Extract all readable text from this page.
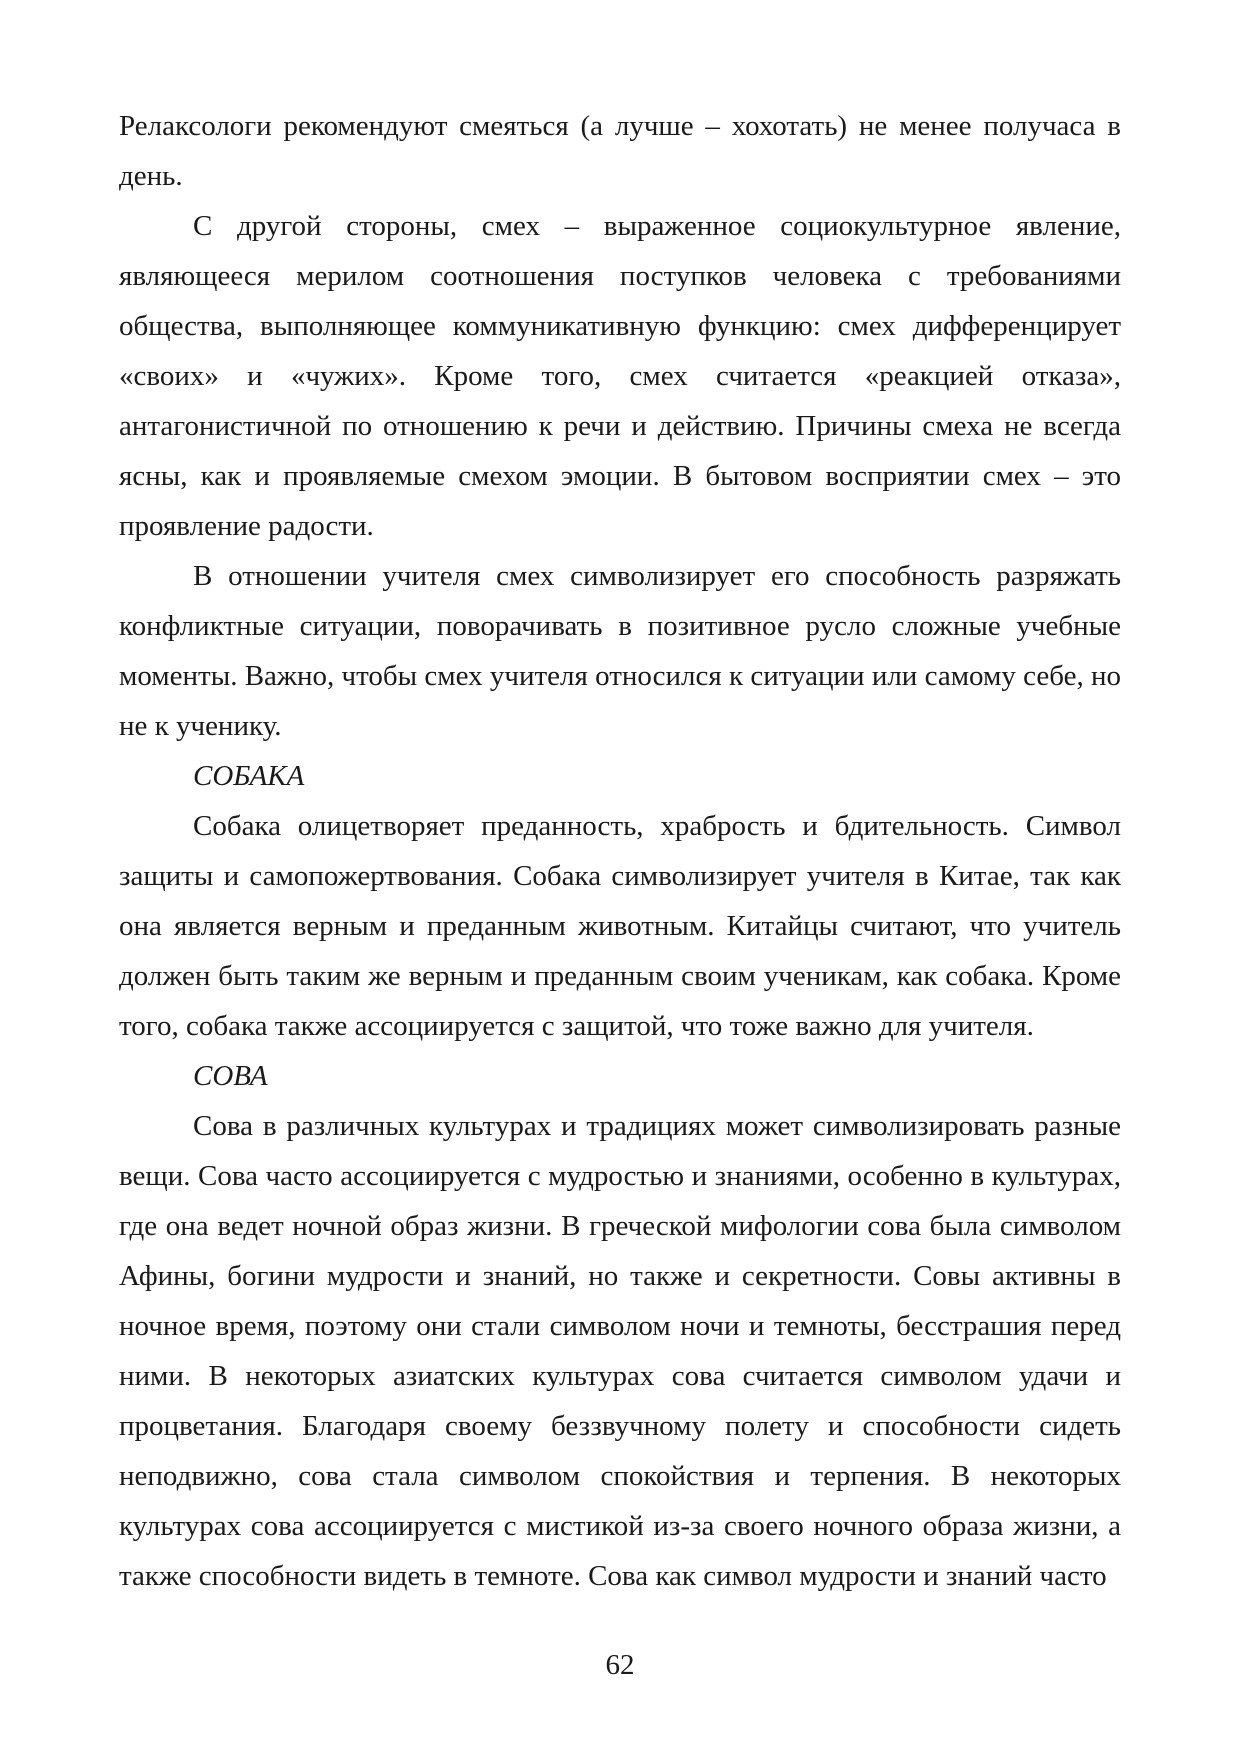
Релаксологи рекомендуют смеяться (а лучше – хохотать) не менее получаса в
день.
С другой стороны, смех – выраженное социокультурное явление,
являющееся мерилом соотношения поступков человека с требованиями
общества, выполняющее коммуникативную функцию: смех дифференцирует
«своих» и «чужих». Кроме того, смех считается «реакцией отказа»,
антагонистичной по отношению к речи и действию. Причины смеха не всегда
ясны, как и проявляемые смехом эмоции. В бытовом восприятии смех – это
проявление радости.
В отношении учителя смех символизирует его способность разряжать
конфликтные ситуации, поворачивать в позитивное русло сложные учебные
моменты. Важно, чтобы смех учителя относился к ситуации или самому себе, но
не к ученику.
СОБАКА
Собака олицетворяет преданность, храбрость и бдительность. Символ
защиты и самопожертвования. Собака символизирует учителя в Китае, так как
она является верным и преданным животным. Китайцы считают, что учитель
должен быть таким же верным и преданным своим ученикам, как собака. Кроме
того, собака также ассоциируется с защитой, что тоже важно для учителя.
СОВА
Сова в различных культурах и традициях может символизировать разные
вещи. Сова часто ассоциируется с мудростью и знаниями, особенно в культурах,
где она ведет ночной образ жизни. В греческой мифологии сова была символом
Афины, богини мудрости и знаний, но также и секретности. Совы активны в
ночное время, поэтому они стали символом ночи и темноты, бесстрашия перед
ними. В некоторых азиатских культурах сова считается символом удачи и
процветания. Благодаря своему беззвучному полету и способности сидеть
неподвижно, сова стала символом спокойствия и терпения. В некоторых
культурах сова ассоциируется с мистикой из-за своего ночного образа жизни, а
также способности видеть в темноте. Сова как символ мудрости и знаний часто
62
